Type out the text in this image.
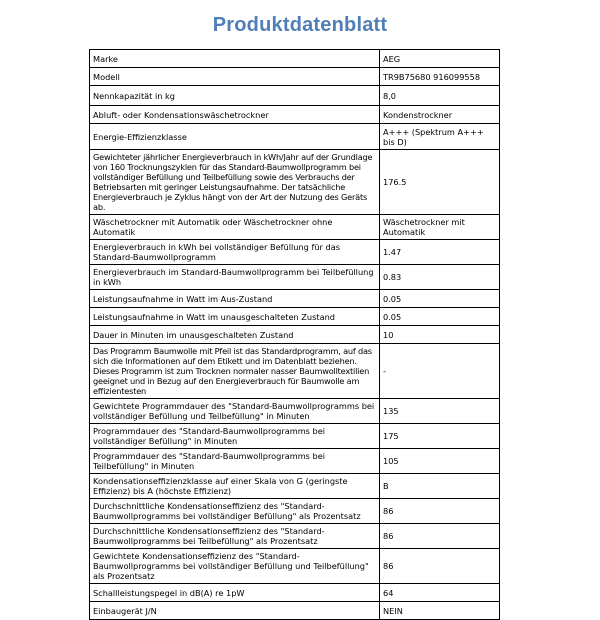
Produktdatenblatt
Marke	AEG
Modell	TR9B75680 916099558
Nennkapazität in kg	8,0
Abluft- oder Kondensationswäschetrockner	Kondenstrockner
Energie-Effizienzklasse	A+++ (Spektrum A+++ bis D)
Gewichteter jährlicher Energieverbrauch in kWh/Jahr auf der Grundlage von 160 Trocknungszyklen für das Standard-Baumwollprogramm bei vollständiger Befüllung und Teilbefüllung sowie des Verbrauchs der Betriebsarten mit geringer Leistungsaufnahme. Der tatsächliche Energieverbrauch je Zyklus hängt von der Art der Nutzung des Geräts ab.	176.5
Wäschetrockner mit Automatik oder Wäschetrockner ohne Automatik	Wäschetrockner mit Automatik
Energieverbrauch in kWh bei vollständiger Befüllung für das Standard-Baumwollprogramm	1.47
Energieverbrauch im Standard-Baumwollprogramm bei Teilbefüllung in kWh	0.83
Leistungsaufnahme in Watt im Aus-Zustand	0.05
Leistungsaufnahme in Watt im unausgeschalteten Zustand	0.05
Dauer in Minuten im unausgeschalteten Zustand	10
Das Programm Baumwolle mit Pfeil ist das Standardprogramm, auf das sich die Informationen auf dem Etikett und im Datenblatt beziehen. Dieses Programm ist zum Trocknen normaler nasser Baumwolltextilien geeignet und in Bezug auf den Energieverbrauch für Baumwolle am effizientesten	-
Gewichtete Programmdauer des "Standard-Baumwollprogramms bei vollständiger Befüllung und Teilbefüllung" in Minuten	135
Programmdauer des "Standard-Baumwollprogramms bei vollständiger Befüllung" in Minuten	175
Programmdauer des "Standard-Baumwollprogramms bei Teilbefüllung" in Minuten	105
Kondensationseffizienzklasse auf einer Skala von G (geringste Effizienz) bis A (höchste Effizienz)	B
Durchschnittliche Kondensationseffizienz des "Standard-Baumwollprogramms bei vollständiger Befüllung" als Prozentsatz	86
Durchschnittliche Kondensationseffizienz des "Standard-Baumwollprogramms bei Teilbefüllung" als Prozentsatz	86
Gewichtete Kondensationseffizienz des "Standard-Baumwollprogramms bei vollständiger Befüllung und Teilbefüllung" als Prozentsatz	86
Schallleistungspegel in dB(A) re 1pW	64
Einbaugerät J/N	NEIN
